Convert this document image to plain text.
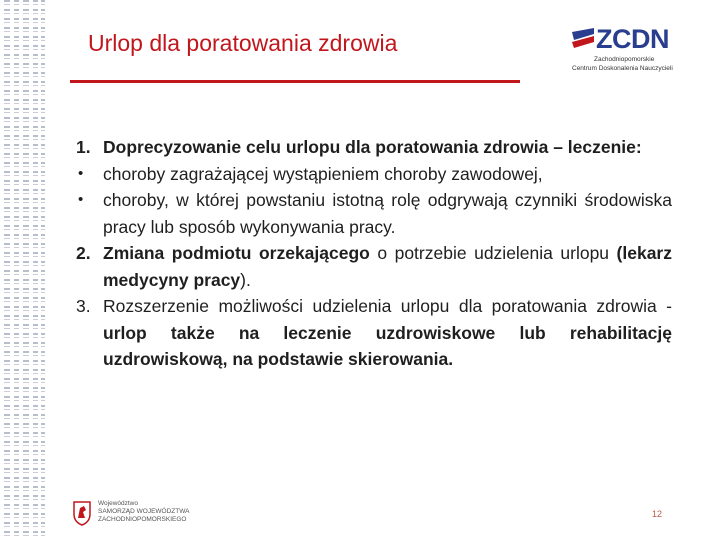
Urlop dla poratowania zdrowia	ZCDN
Zachodniopomorskie
Centrum Doskonalenia Nauczycieli
1. Doprecyzowanie celu urlopu dla poratowania zdrowia – leczenie:
• choroby zagrażającej wystąpieniem choroby zawodowej,
• choroby, w której powstaniu istotną rolę odgrywają czynniki środowiska pracy lub sposób wykonywania pracy.
2. Zmiana podmiotu orzekającego o potrzebie udzielenia urlopu (lekarz medycyny pracy).
3. Rozszerzenie możliwości udzielenia urlopu dla poratowania zdrowia - urlop także na leczenie uzdrowiskowe lub rehabilitację uzdrowiskową, na podstawie skierowania.
Województwo
SAMORZĄD WOJEWÓDZTWA
ZACHODNIOPOMORSKIEGO
12
